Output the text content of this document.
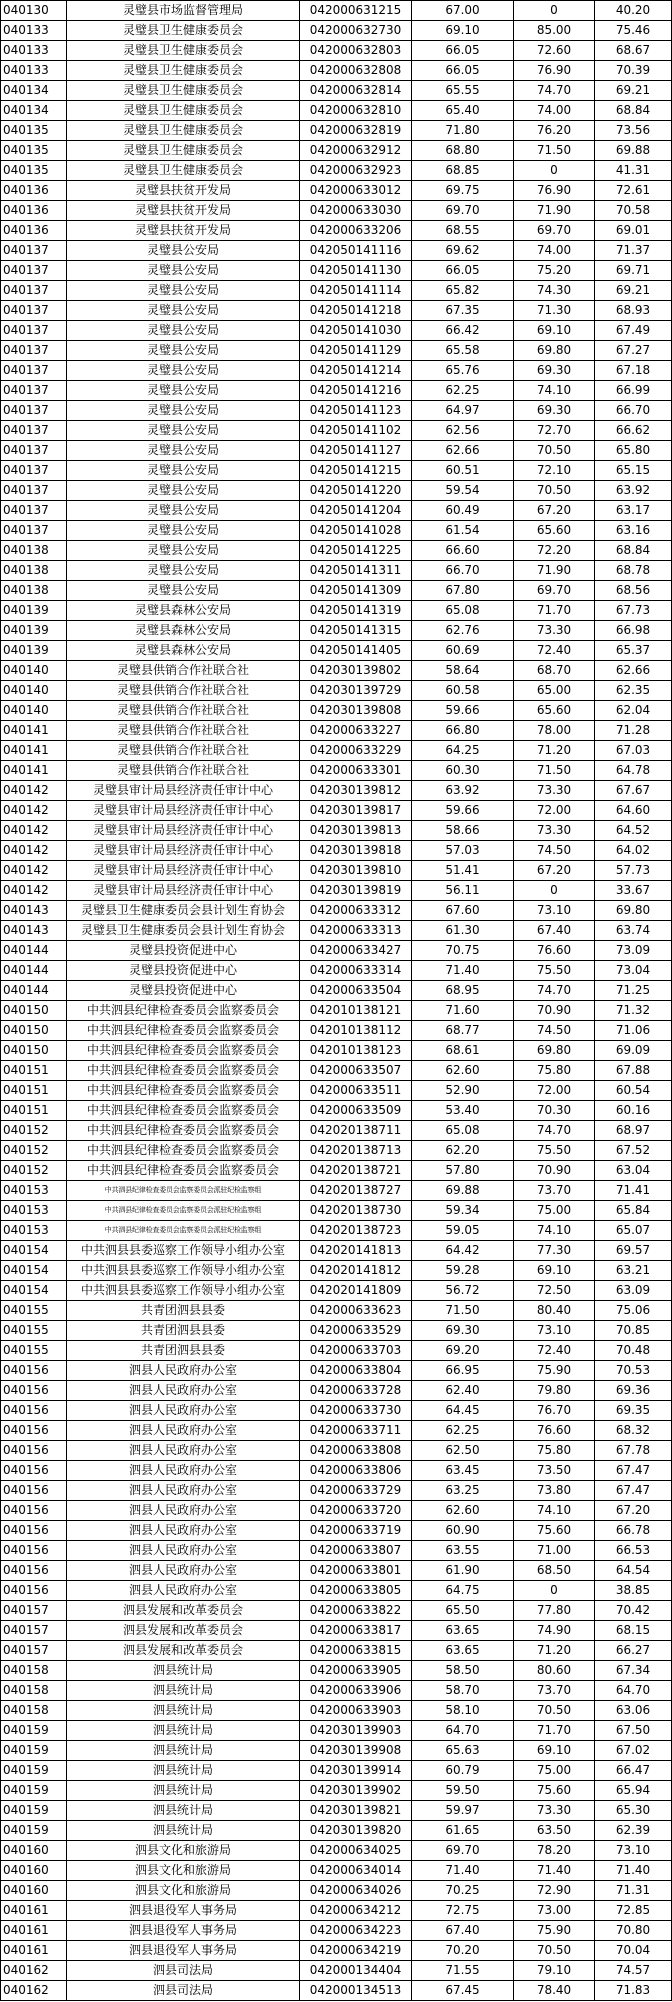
040130	灵璧县市场监督管理局	042000631215	67.00	0	40.20
040133	灵璧县卫生健康委员会	042000632730	69.10	85.00	75.46
040133	灵璧县卫生健康委员会	042000632803	66.05	72.60	68.67
040133	灵璧县卫生健康委员会	042000632808	66.05	76.90	70.39
040134	灵璧县卫生健康委员会	042000632814	65.55	74.70	69.21
040134	灵璧县卫生健康委员会	042000632810	65.40	74.00	68.84
040135	灵璧县卫生健康委员会	042000632819	71.80	76.20	73.56
040135	灵璧县卫生健康委员会	042000632912	68.80	71.50	69.88
040135	灵璧县卫生健康委员会	042000632923	68.85	0	41.31
040136	灵璧县扶贫开发局	042000633012	69.75	76.90	72.61
040136	灵璧县扶贫开发局	042000633030	69.70	71.90	70.58
040136	灵璧县扶贫开发局	042000633206	68.55	69.70	69.01
040137	灵璧县公安局	042050141116	69.62	74.00	71.37
040137	灵璧县公安局	042050141130	66.05	75.20	69.71
040137	灵璧县公安局	042050141114	65.82	74.30	69.21
040137	灵璧县公安局	042050141218	67.35	71.30	68.93
040137	灵璧县公安局	042050141030	66.42	69.10	67.49
040137	灵璧县公安局	042050141129	65.58	69.80	67.27
040137	灵璧县公安局	042050141214	65.76	69.30	67.18
040137	灵璧县公安局	042050141216	62.25	74.10	66.99
040137	灵璧县公安局	042050141123	64.97	69.30	66.70
040137	灵璧县公安局	042050141102	62.56	72.70	66.62
040137	灵璧县公安局	042050141127	62.66	70.50	65.80
040137	灵璧县公安局	042050141215	60.51	72.10	65.15
040137	灵璧县公安局	042050141220	59.54	70.50	63.92
040137	灵璧县公安局	042050141204	60.49	67.20	63.17
040137	灵璧县公安局	042050141028	61.54	65.60	63.16
040138	灵璧县公安局	042050141225	66.60	72.20	68.84
040138	灵璧县公安局	042050141311	66.70	71.90	68.78
040138	灵璧县公安局	042050141309	67.80	69.70	68.56
040139	灵璧县森林公安局	042050141319	65.08	71.70	67.73
040139	灵璧县森林公安局	042050141315	62.76	73.30	66.98
040139	灵璧县森林公安局	042050141405	60.69	72.40	65.37
040140	灵璧县供销合作社联合社	042030139802	58.64	68.70	62.66
040140	灵璧县供销合作社联合社	042030139729	60.58	65.00	62.35
040140	灵璧县供销合作社联合社	042030139808	59.66	65.60	62.04
040141	灵璧县供销合作社联合社	042000633227	66.80	78.00	71.28
040141	灵璧县供销合作社联合社	042000633229	64.25	71.20	67.03
040141	灵璧县供销合作社联合社	042000633301	60.30	71.50	64.78
040142	灵璧县审计局县经济责任审计中心	042030139812	63.92	73.30	67.67
040142	灵璧县审计局县经济责任审计中心	042030139817	59.66	72.00	64.60
040142	灵璧县审计局县经济责任审计中心	042030139813	58.66	73.30	64.52
040142	灵璧县审计局县经济责任审计中心	042030139818	57.03	74.50	64.02
040142	灵璧县审计局县经济责任审计中心	042030139810	51.41	67.20	57.73
040142	灵璧县审计局县经济责任审计中心	042030139819	56.11	0	33.67
040143	灵璧县卫生健康委员会县计划生育协会	042000633312	67.60	73.10	69.80
040143	灵璧县卫生健康委员会县计划生育协会	042000633313	61.30	67.40	63.74
040144	灵璧县投资促进中心	042000633427	70.75	76.60	73.09
040144	灵璧县投资促进中心	042000633314	71.40	75.50	73.04
040144	灵璧县投资促进中心	042000633504	68.95	74.70	71.25
040150	中共泗县纪律检查委员会监察委员会	042010138121	71.60	70.90	71.32
040150	中共泗县纪律检查委员会监察委员会	042010138112	68.77	74.50	71.06
040150	中共泗县纪律检查委员会监察委员会	042010138123	68.61	69.80	69.09
040151	中共泗县纪律检查委员会监察委员会	042000633507	62.60	75.80	67.88
040151	中共泗县纪律检查委员会监察委员会	042000633511	52.90	72.00	60.54
040151	中共泗县纪律检查委员会监察委员会	042000633509	53.40	70.30	60.16
040152	中共泗县纪律检查委员会监察委员会	042020138711	65.08	74.70	68.97
040152	中共泗县纪律检查委员会监察委员会	042020138713	62.20	75.50	67.52
040152	中共泗县纪律检查委员会监察委员会	042020138721	57.80	70.90	63.04
040153	中共泗县纪律检查委员会监察委员会派驻纪检监察组	042020138727	69.88	73.70	71.41
040153	中共泗县纪律检查委员会监察委员会派驻纪检监察组	042020138730	59.34	75.00	65.84
040153	中共泗县纪律检查委员会监察委员会派驻纪检监察组	042020138723	59.05	74.10	65.07
040154	中共泗县县委巡察工作领导小组办公室	042020141813	64.42	77.30	69.57
040154	中共泗县县委巡察工作领导小组办公室	042020141812	59.28	69.10	63.21
040154	中共泗县县委巡察工作领导小组办公室	042020141809	56.72	72.50	63.09
040155	共青团泗县县委	042000633623	71.50	80.40	75.06
040155	共青团泗县县委	042000633529	69.30	73.10	70.85
040155	共青团泗县县委	042000633703	69.20	72.40	70.48
040156	泗县人民政府办公室	042000633804	66.95	75.90	70.53
040156	泗县人民政府办公室	042000633728	62.40	79.80	69.36
040156	泗县人民政府办公室	042000633730	64.45	76.70	69.35
040156	泗县人民政府办公室	042000633711	62.25	76.60	68.32
040156	泗县人民政府办公室	042000633808	62.50	75.80	67.78
040156	泗县人民政府办公室	042000633806	63.45	73.50	67.47
040156	泗县人民政府办公室	042000633729	63.25	73.80	67.47
040156	泗县人民政府办公室	042000633720	62.60	74.10	67.20
040156	泗县人民政府办公室	042000633719	60.90	75.60	66.78
040156	泗县人民政府办公室	042000633807	63.55	71.00	66.53
040156	泗县人民政府办公室	042000633801	61.90	68.50	64.54
040156	泗县人民政府办公室	042000633805	64.75	0	38.85
040157	泗县发展和改革委员会	042000633822	65.50	77.80	70.42
040157	泗县发展和改革委员会	042000633817	63.65	74.90	68.15
040157	泗县发展和改革委员会	042000633815	63.65	71.20	66.27
040158	泗县统计局	042000633905	58.50	80.60	67.34
040158	泗县统计局	042000633906	58.70	73.70	64.70
040158	泗县统计局	042000633903	58.10	70.50	63.06
040159	泗县统计局	042030139903	64.70	71.70	67.50
040159	泗县统计局	042030139908	65.63	69.10	67.02
040159	泗县统计局	042030139914	60.79	75.00	66.47
040159	泗县统计局	042030139902	59.50	75.60	65.94
040159	泗县统计局	042030139821	59.97	73.30	65.30
040159	泗县统计局	042030139820	61.65	63.50	62.39
040160	泗县文化和旅游局	042000634025	69.70	78.20	73.10
040160	泗县文化和旅游局	042000634014	71.40	71.40	71.40
040160	泗县文化和旅游局	042000634026	70.25	72.90	71.31
040161	泗县退役军人事务局	042000634212	72.75	73.00	72.85
040161	泗县退役军人事务局	042000634223	67.40	75.90	70.80
040161	泗县退役军人事务局	042000634219	70.20	70.50	70.04
040162	泗县司法局	042000134404	71.55	79.10	74.57
040162	泗县司法局	042000134513	67.45	78.40	71.83
